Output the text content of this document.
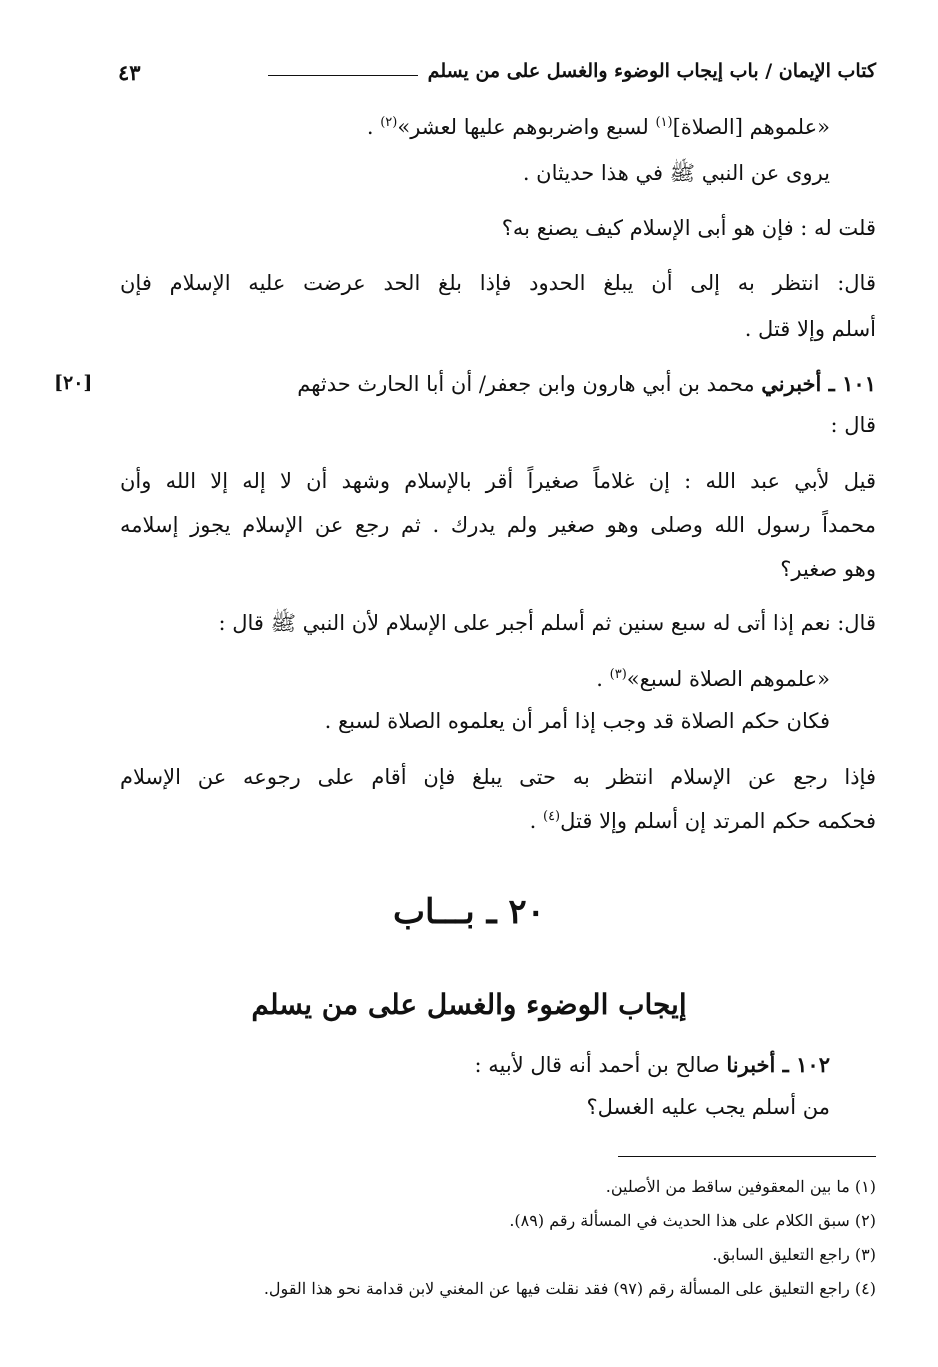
كتاب الإيمان / باب إيجاب الوضوء والغسل على من يسلم
٤٣
«علموهم [الصلاة]$^{(١)}$ لسبع واضربوهم عليها لعشر»$^{(٢)}$ .
يروى عن النبي ﷺ في هذا حديثان .
قلت له : فإن هو أبى الإسلام كيف يصنع به؟
قال: انتظر به إلى أن يبلغ الحدود فإذا بلغ الحد عرضت عليه الإسلام فإن
أسلم وإلا قتل .
١٠١ ـ أخبرني محمد بن أبي هارون وابن جعفر/ أن أبا الحارث حدثهم
[٢٠]
قال :
قيل لأبي عبد الله : إن غلاماً صغيراً أقر بالإسلام وشهد أن لا إله إلا الله وأن
محمداً رسول الله وصلى وهو صغير ولم يدرك . ثم رجع عن الإسلام يجوز إسلامه
وهو صغير؟
قال: نعم إذا أتى له سبع سنين ثم أسلم أجبر على الإسلام لأن النبي ﷺ قال :
«علموهم الصلاة لسبع»$^{(٣)}$ .
فكان حكم الصلاة قد وجب إذا أمر أن يعلموه الصلاة لسبع .
فإذا رجع عن الإسلام انتظر به حتى يبلغ فإن أقام على رجوعه عن الإسلام
فحكمه حكم المرتد إن أسلم وإلا قتل$^{(٤)}$ .
٢٠ ـ بـــاب
إيجاب الوضوء والغسل على من يسلم
١٠٢ ـ أخبرنا صالح بن أحمد أنه قال لأبيه :
من أسلم يجب عليه الغسل؟
(١) ما بين المعقوفين ساقط من الأصلين.
(٢) سبق الكلام على هذا الحديث في المسألة رقم (٨٩).
(٣) راجع التعليق السابق.
(٤) راجع التعليق على المسألة رقم (٩٧) فقد نقلت فيها عن المغني لابن قدامة نحو هذا القول.
